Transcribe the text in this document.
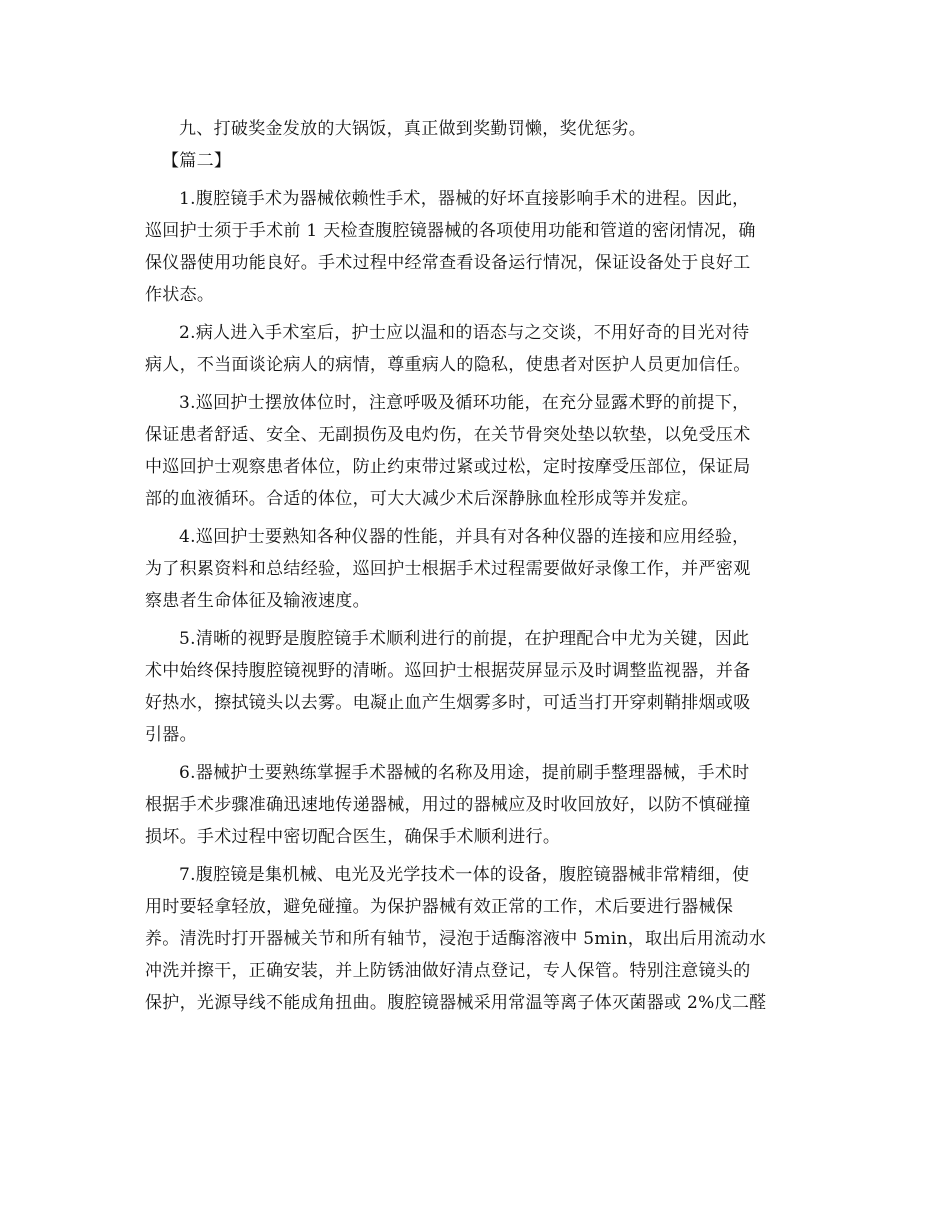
九、打破奖金发放的大锅饭，真正做到奖勤罚懒，奖优惩劣。

【篇二】

1.腹腔镜手术为器械依赖性手术，器械的好坏直接影响手术的进程。因此，
巡回护士须于手术前 1 天检查腹腔镜器械的各项使用功能和管道的密闭情况，确
保仪器使用功能良好。手术过程中经常查看设备运行情况，保证设备处于良好工
作状态。

2.病人进入手术室后，护士应以温和的语态与之交谈，不用好奇的目光对待
病人，不当面谈论病人的病情，尊重病人的隐私，使患者对医护人员更加信任。

3.巡回护士摆放体位时，注意呼吸及循环功能，在充分显露术野的前提下，
保证患者舒适、安全、无副损伤及电灼伤，在关节骨突处垫以软垫，以免受压术
中巡回护士观察患者体位，防止约束带过紧或过松，定时按摩受压部位，保证局
部的血液循环。合适的体位，可大大减少术后深静脉血栓形成等并发症。

4.巡回护士要熟知各种仪器的性能，并具有对各种仪器的连接和应用经验，
为了积累资料和总结经验，巡回护士根据手术过程需要做好录像工作，并严密观
察患者生命体征及输液速度。

5.清晰的视野是腹腔镜手术顺利进行的前提，在护理配合中尤为关键，因此
术中始终保持腹腔镜视野的清晰。巡回护士根据荧屏显示及时调整监视器，并备
好热水，擦拭镜头以去雾。电凝止血产生烟雾多时，可适当打开穿刺鞘排烟或吸
引器。

6.器械护士要熟练掌握手术器械的名称及用途，提前刷手整理器械，手术时
根据手术步骤准确迅速地传递器械，用过的器械应及时收回放好，以防不慎碰撞
损坏。手术过程中密切配合医生，确保手术顺利进行。

7.腹腔镜是集机械、电光及光学技术一体的设备，腹腔镜器械非常精细，使
用时要轻拿轻放，避免碰撞。为保护器械有效正常的工作，术后要进行器械保
养。清洗时打开器械关节和所有轴节，浸泡于适酶溶液中 5min，取出后用流动水
冲洗并擦干，正确安装，并上防锈油做好清点登记，专人保管。特别注意镜头的
保护，光源导线不能成角扭曲。腹腔镜器械采用常温等离子体灭菌器或 2%戊二醛
